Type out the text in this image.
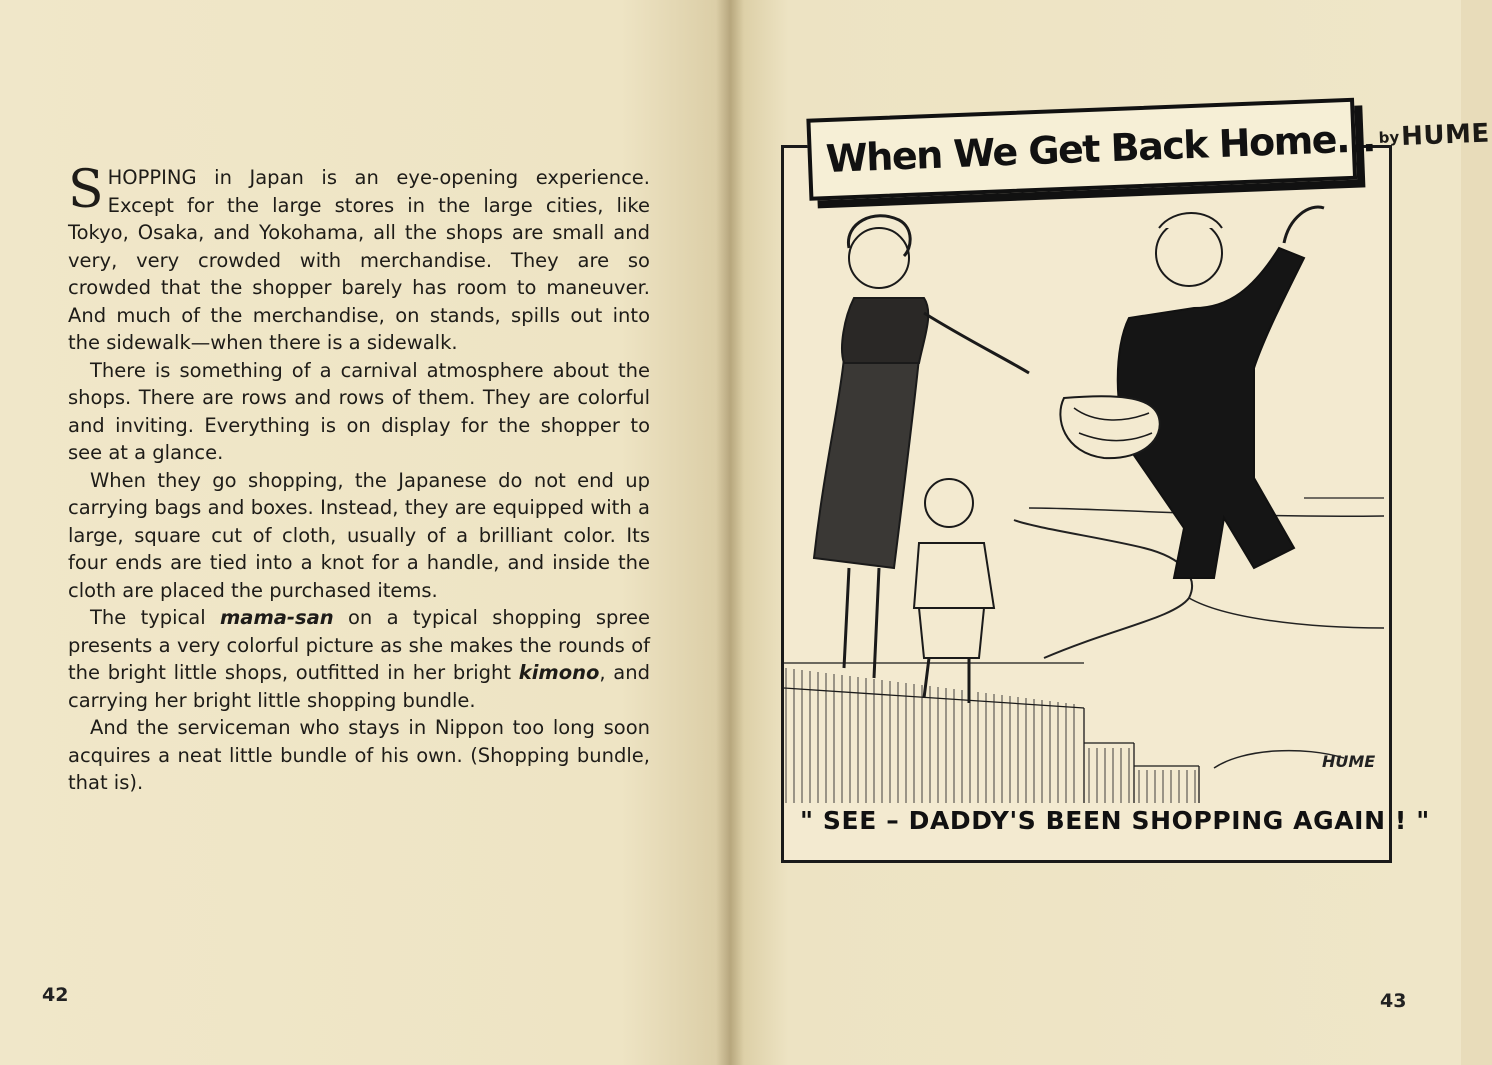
SHOPPING in Japan is an eye-opening experience. Except for the large stores in the large cities, like Tokyo, Osaka, and Yokohama, all the shops are small and very, very crowded with merchandise. They are so crowded that the shopper barely has room to maneuver. And much of the merchandise, on stands, spills out into the sidewalk—when there is a sidewalk.

There is something of a carnival atmosphere about the shops. There are rows and rows of them. They are colorful and inviting. Everything is on display for the shopper to see at a glance.

When they go shopping, the Japanese do not end up carrying bags and boxes. Instead, they are equipped with a large, square cut of cloth, usually of a brilliant color. Its four ends are tied into a knot for a handle, and inside the cloth are placed the purchased items.

The typical mama-san on a typical shopping spree presents a very colorful picture as she makes the rounds of the bright little shops, outfitted in her bright kimono, and carrying her bright little shopping bundle.

And the serviceman who stays in Nippon too long soon acquires a neat little bundle of his own. (Shopping bundle, that is).

42	43
When We Get Back Home... by HUME
HUME
" SEE – DADDY'S BEEN SHOPPING AGAIN ! "
